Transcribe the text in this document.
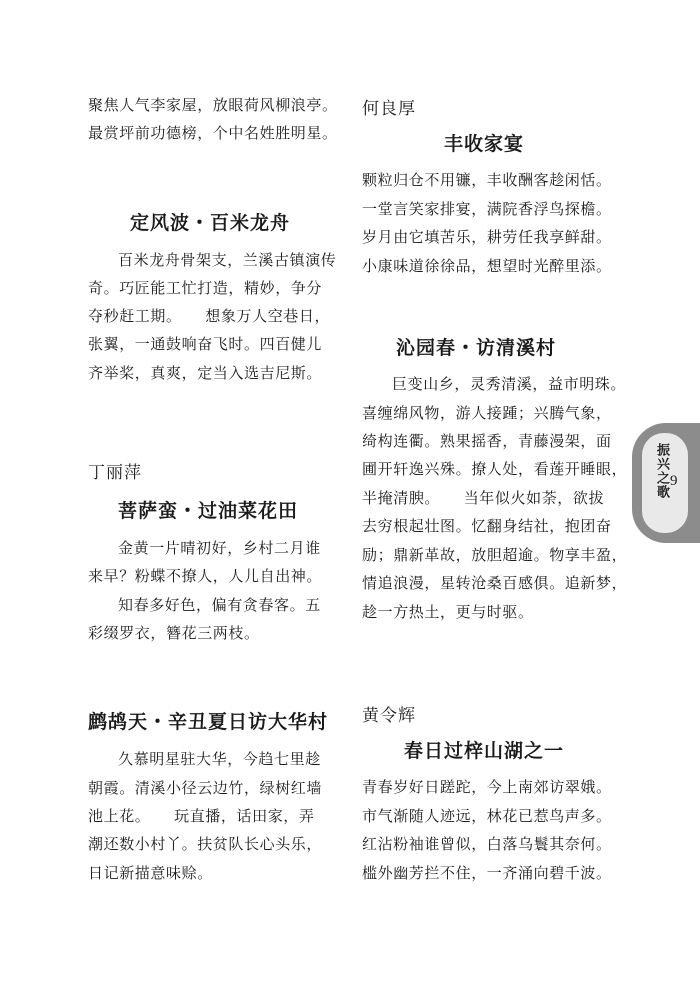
聚焦人气李家屋，放眼荷风柳浪亭。
最赏坪前功德榜，个中名姓胜明星。
定风波・百米龙舟
百米龙舟骨架支，兰溪古镇演传
奇。巧匠能工忙打造，精妙，争分
夺秒赶工期。　　想象万人空巷日，
张翼，一通鼓响奋飞时。四百健儿
齐举桨，真爽，定当入选吉尼斯。
丁丽萍
菩萨蛮・过油菜花田
金黄一片晴初好，乡村二月谁
来早？粉蝶不撩人，人儿自出神。
知春多好色，偏有贪春客。五
彩缀罗衣，簪花三两枝。
鹧鸪天・辛丑夏日访大华村
久慕明星驻大华，今趋七里趁
朝霞。清溪小径云边竹，绿树红墙
池上花。　　玩直播，话田家，弄
潮还数小村丫。扶贫队长心头乐，
日记新描意味赊。
何良厚
丰收家宴
颗粒归仓不用镰，丰收酬客趁闲恬。
一堂言笑家排宴，满院香浮鸟探檐。
岁月由它填苦乐，耕劳任我享鲜甜。
小康味道徐徐品，想望时光醉里添。
沁园春・访清溪村
巨变山乡，灵秀清溪，益市明珠。
喜缠绵风物，游人接踵；兴腾气象，
绮构连衢。熟果摇香，青藤漫架，面
圃开轩逸兴殊。撩人处，看莲开睡眼，
半掩清腴。　　当年似火如荼，欲拔
去穷根起壮图。忆翻身结社，抱团奋
励；鼎新革故，放胆超逾。物享丰盈，
情追浪漫，星转沧桑百感俱。追新梦，
趁一方热土，更与时驱。
黄令辉
春日过梓山湖之一
青春岁好日蹉跎，今上南郊访翠娥。
市气渐随人迹远，林花已惹鸟声多。
红沾粉袖谁曾似，白落乌鬟其奈何。
槛外幽芳拦不住，一齐涌向碧千波。
振兴之歌 9
